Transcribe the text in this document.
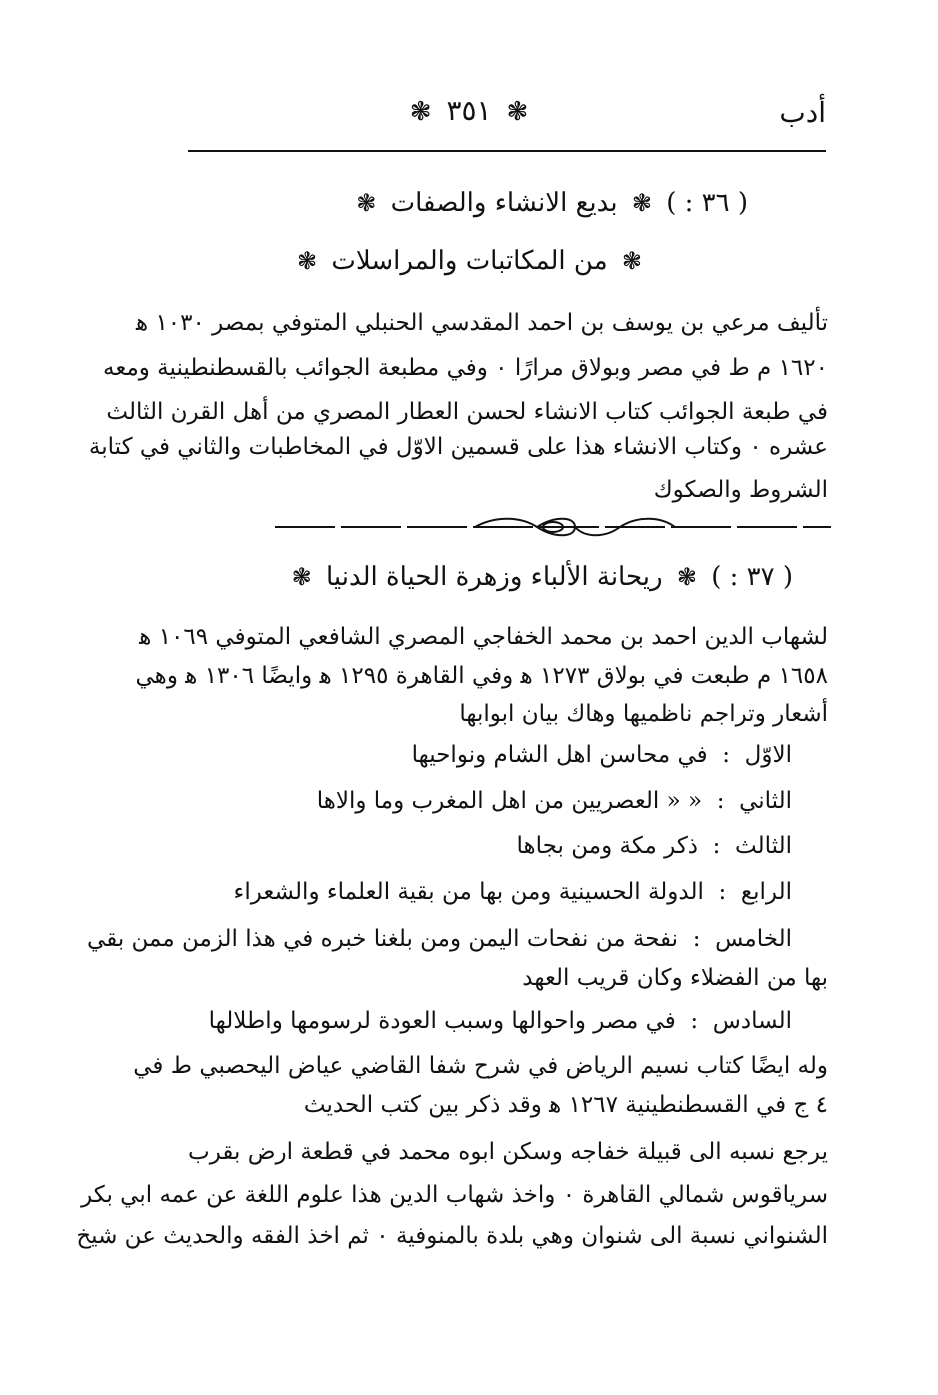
أدب
❃ ٣٥١ ❃
( ٣٦ : ) ❃ بديع الانشاء والصفات ❃
❃ من المكاتبات والمراسلات ❃
تأليف مرعي بن يوسف بن احمد المقدسي الحنبلي المتوفي بمصر ١٠٣٠ ﻫ
١٦٢٠ م ط في مصر وبولاق مرارًا ۰ وفي مطبعة الجوائب بالقسطنطينية ومعه
في طبعة الجوائب كتاب الانشاء لحسن العطار المصري من أهل القرن الثالث
عشره ۰ وكتاب الانشاء هذا على قسمين الاوّل في المخاطبات والثاني في كتابة
الشروط والصكوك
( ٣٧ : ) ❃ ريحانة الألباء وزهرة الحياة الدنيا ❃
لشهاب الدين احمد بن محمد الخفاجي المصري الشافعي المتوفي ١٠٦٩ ﻫ
١٦٥٨ م طبعت في بولاق ١٢٧٣ ﻫ وفي القاهرة ١٢٩٥ ﻫ وايضًا ١٣٠٦ ﻫ وهي
أشعار وتراجم ناظميها وهاك بيان ابوابها
الاوّل  :  في محاسن اهل الشام ونواحيها
الثاني  :  « « العصريين من اهل المغرب وما والاها
الثالث  :  ذكر مكة ومن بجاها
الرابع  :  الدولة الحسينية ومن بها من بقية العلماء والشعراء
الخامس  :  نفحة من نفحات اليمن ومن بلغنا خبره في هذا الزمن ممن بقي
بها من الفضلاء وكان قريب العهد
السادس  :  في مصر واحوالها وسبب العودة لرسومها واطلالها
وله ايضًا كتاب نسيم الرياض في شرح شفا القاضي عياض اليحصبي ط في
٤ ج في القسطنطينية ١٢٦٧ ﻫ وقد ذكر بين كتب الحديث
يرجع نسبه الى قبيلة خفاجه وسكن ابوه محمد في قطعة ارض بقرب
سرياقوس شمالي القاهرة ۰ واخذ شهاب الدين هذا علوم اللغة عن عمه ابي بكر
الشنواني نسبة الى شنوان وهي بلدة بالمنوفية ۰ ثم اخذ الفقه والحديث عن شيخ
